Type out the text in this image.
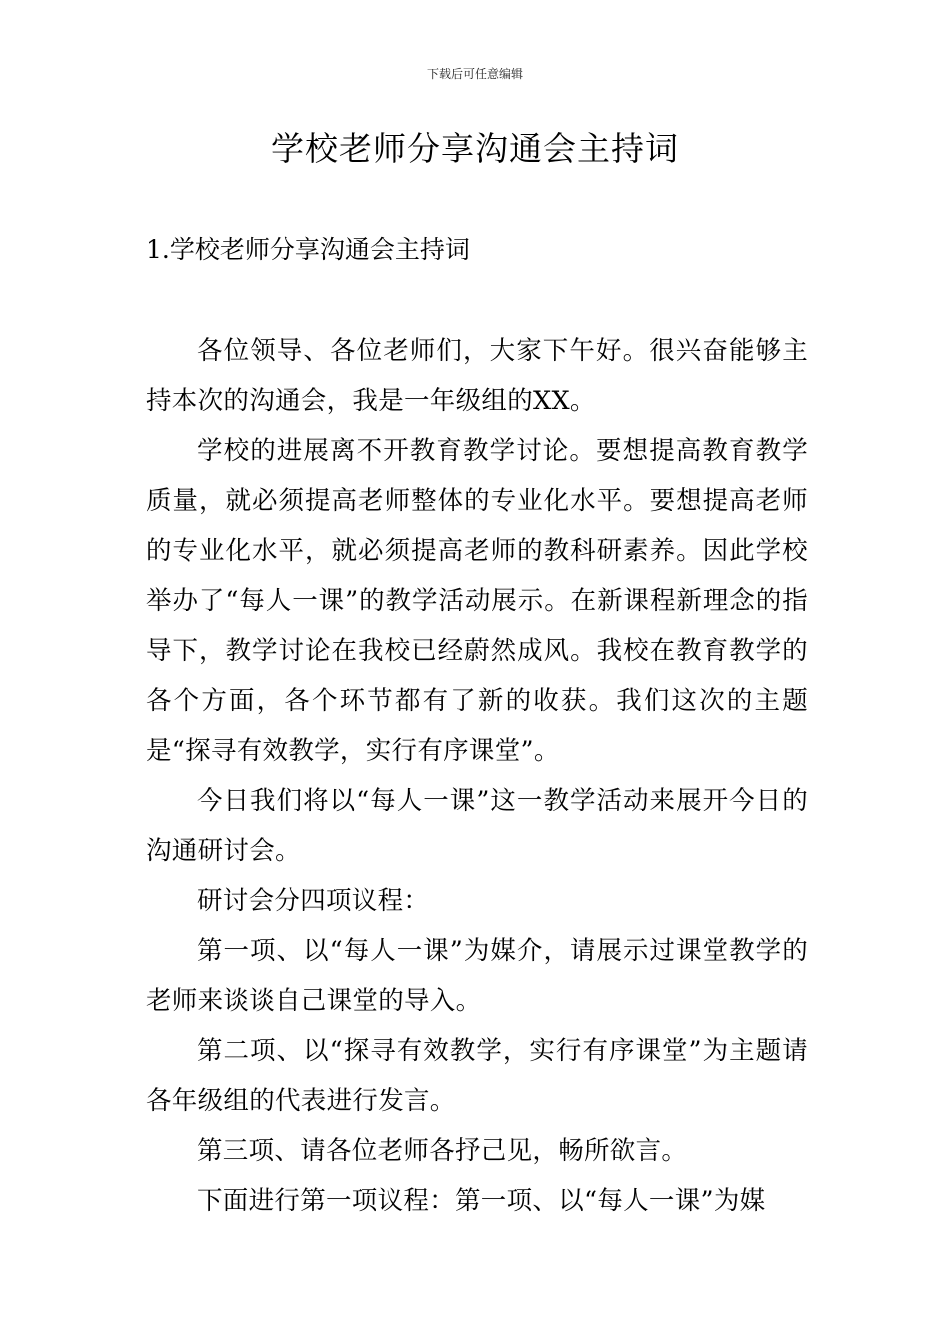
下载后可任意编辑
学校老师分享沟通会主持词
1.学校老师分享沟通会主持词

各位领导、各位老师们，大家下午好。很兴奋能够主持本次的沟通会，我是一年级组的XX。

学校的进展离不开教育教学讨论。要想提高教育教学质量，就必须提高老师整体的专业化水平。要想提高老师的专业化水平，就必须提高老师的教科研素养。因此学校举办了“每人一课”的教学活动展示。在新课程新理念的指导下，教学讨论在我校已经蔚然成风。我校在教育教学的各个方面，各个环节都有了新的收获。我们这次的主题是“探寻有效教学，实行有序课堂”。

今日我们将以“每人一课”这一教学活动来展开今日的沟通研讨会。

研讨会分四项议程：

第一项、以“每人一课”为媒介，请展示过课堂教学的老师来谈谈自己课堂的导入。

第二项、以“探寻有效教学，实行有序课堂”为主题请各年级组的代表进行发言。

第三项、请各位老师各抒己见，畅所欲言。

下面进行第一项议程：第一项、以“每人一课”为媒
